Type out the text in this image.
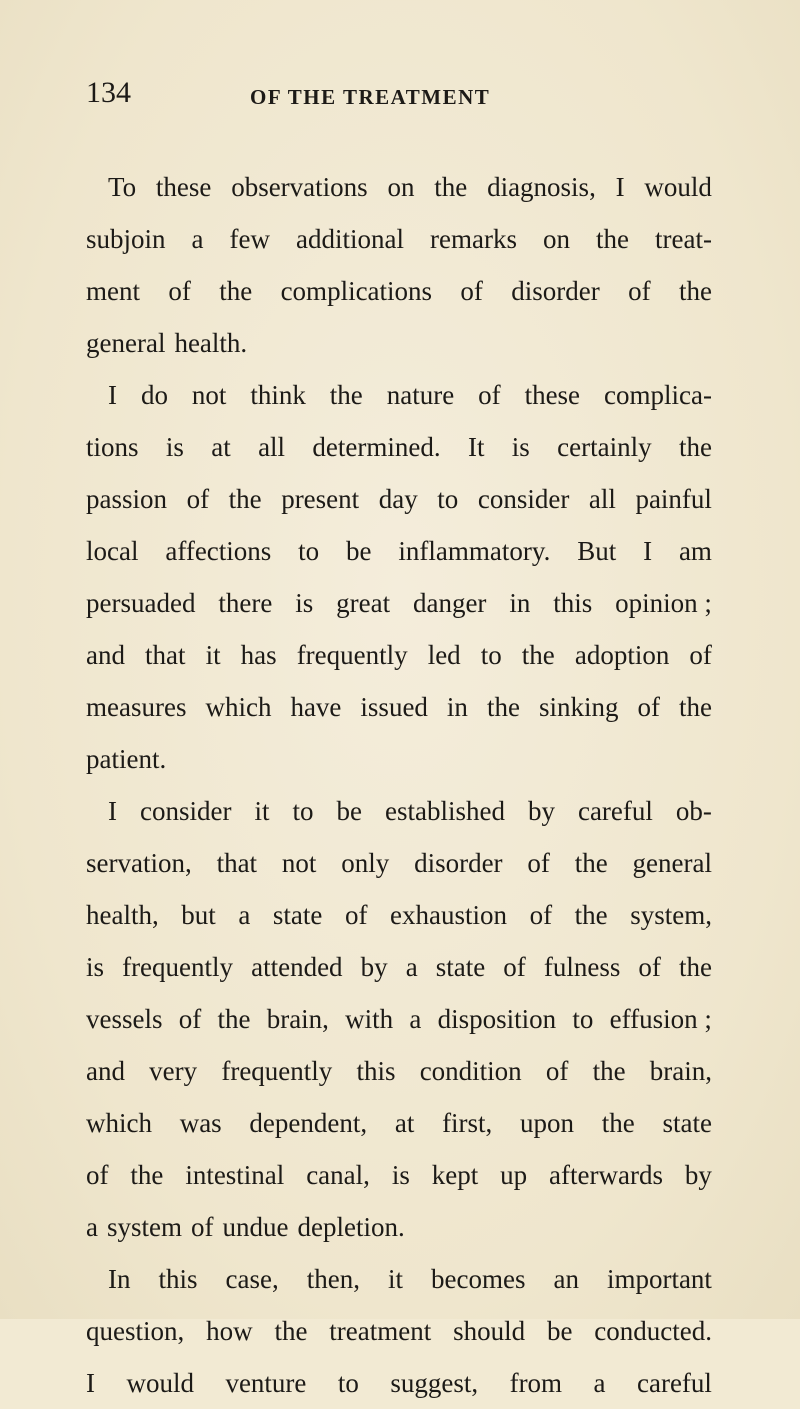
134	OF THE TREATMENT
To these observations on the diagnosis, I would
subjoin a few additional remarks on the treat-
ment of the complications of disorder of the
general health.
I do not think the nature of these complica-
tions is at all determined. It is certainly the
passion of the present day to consider all painful
local affections to be inflammatory. But I am
persuaded there is great danger in this opinion ;
and that it has frequently led to the adoption of
measures which have issued in the sinking of the
patient.
I consider it to be established by careful ob-
servation, that not only disorder of the general
health, but a state of exhaustion of the system,
is frequently attended by a state of fulness of the
vessels of the brain, with a disposition to effusion ;
and very frequently this condition of the brain,
which was dependent, at first, upon the state
of the intestinal canal, is kept up afterwards by
a system of undue depletion.
In this case, then, it becomes an important
question, how the treatment should be conducted.
I would venture to suggest, from a careful
